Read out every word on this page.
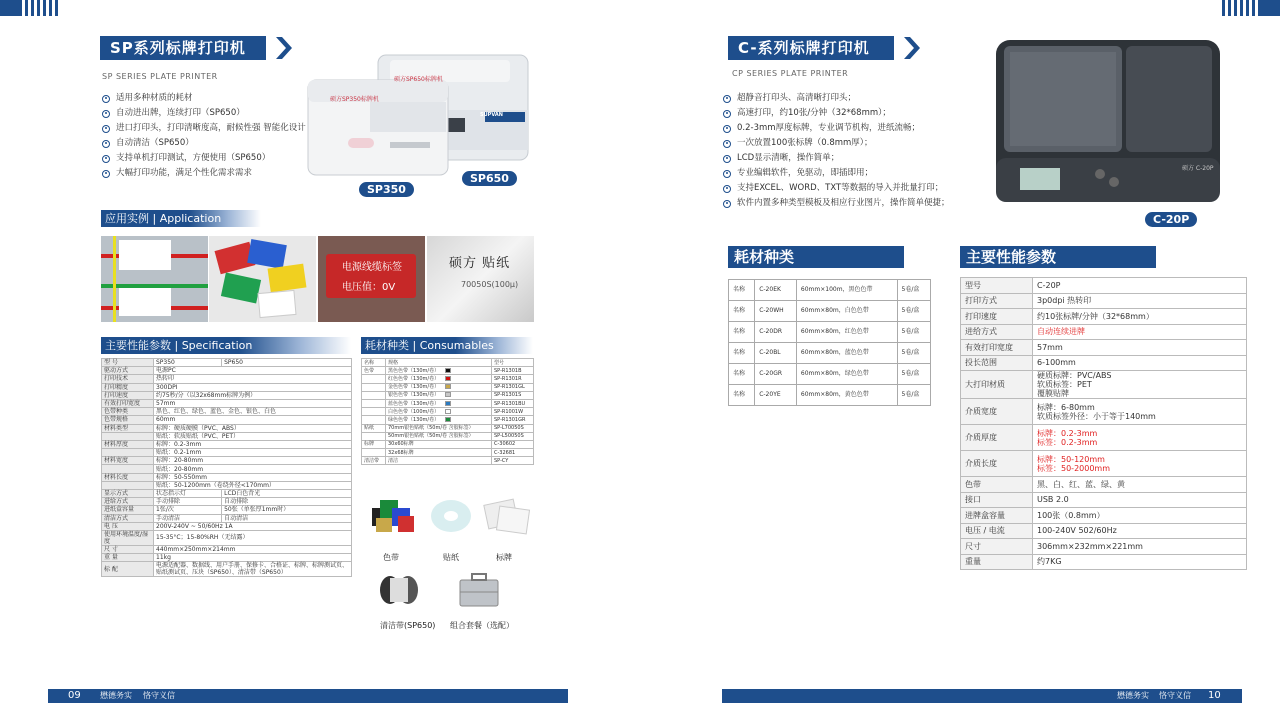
SP系列标牌打印机
SP SERIES PLATE PRINTER
适用多种材质的耗材
自动进出牌，连续打印（SP650）
进口打印头，打印清晰度高，耐候性强 智能化设计
自动清洁（SP650）
支持单机打印测试，方便使用（SP650）
大幅打印功能，满足个性化需求需求
硕方SP350标牌机
硕方SP650标牌机
SUPVAN
SP350
SP650
应用实例 | Application
电源线缆标签
电压值：0V
硕方 贴纸
70050S(100μ)
主要性能参数 | Specification
型 号	SP350	SP650
驱动方式	电源PC	
打印技术	热转印	
打印精度	300DPI	
打印速度	约75秒/分（以32x68mm标牌为例）	
有效打印宽度	57mm	
色带种类	黑色、红色、绿色、蓝色、金色、银色、白色	
色带规格	60mm	
材料类型	标牌：硬质硬膜（PVC、ABS）	
	贴纸：软质贴纸（PVC、PET）	
材料厚度	标牌：0.2-3mm	
	贴纸：0.2-1mm	
材料宽度	标牌：20-80mm	
	贴纸：20-80mm	
材料长度	标牌：50-550mm	
	贴纸：50-1200mm（卷绕外径<170mm）	
显示方式	状态指示灯	LCD白色背光
进给方式	手动排除	自动排除
进纸盒容量	1张/次	50张（单张厚1mm时）
清洁方式	手动清洁	自动清洁
电 压	200V-240V ~ 50/60Hz 1A	
使用环境温度/湿度	15-35°C；15-80%RH（无结露）	
尺 寸	440mm×250mm×214mm	
重 量	11kg	
标 配	电源适配器、数据线、用户手册、保修卡、合格证、标牌、标牌测试页、贴纸测试页、压块（SP650）、清洁带（SP650）	
耗材种类 | Consumables
名称	规格	型号
色带	黑色色带（130m/卷）	SP-R1301B
	红色色带（130m/卷）	SP-R1301R
	金色色带（130m/卷）	SP-R1301GL
	银色色带（130m/卷）	SP-R1301S
	蓝色色带（130m/卷）	SP-R1301BU
	白色色带（100m/卷）	SP-R1001W
	绿色色带（130m/卷）	SP-R1301GR
贴纸	70mm银色贴纸（50m/卷 含胶标签）	SP-L70050S
	50mm银色贴纸（50m/卷 含胶标签）	SP-L50050S
标牌	30x60标牌	C-30602
	32x68标牌	C-32681
清洁带	清洁	SP-CY
色带	贴纸	标牌
清洁带(SP650) 组合套餐（选配）
09 懋德务实 恪守义信
C-系列标牌打印机
CP SERIES PLATE PRINTER
超静音打印头、高清晰打印头；
高速打印，约10张/分钟（32*68mm）；
0.2-3mm厚度标牌，专业调节机构，进纸流畅；
一次放置100张标牌（0.8mm厚）；
LCD显示清晰，操作简单；
专业编辑软件，免驱动，即插即用；
支持EXCEL、WORD、TXT等数据的导入并批量打印；
软件内置多种类型模板及相应行业图片，操作简单便捷；
硕方 C-20P
C-20P
耗材种类
名称	C-20EK	60mm×100m，黑色色带	5卷/盒
名称	C-20WH	60mm×80m，白色色带	5卷/盒
名称	C-20DR	60mm×80m，红色色带	5卷/盒
名称	C-20BL	60mm×80m，蓝色色带	5卷/盒
名称	C-20GR	60mm×80m，绿色色带	5卷/盒
名称	C-20YE	60mm×80m，黄色色带	5卷/盒
主要性能参数
型号	C-20P

打印方式	3p0dpi 热转印

打印速度	约10张标牌/分钟（32*68mm）

进给方式	自动连续进牌

有效打印宽度	57mm

投长范围	6-100mm

大打印材质	硬质标牌：PVC/ABS
软质标签：PET
覆膜贴牌

介质宽度	标牌：6-80mm
软质标签外径：小于等于140mm

介质厚度	标牌：0.2-3mm
标签：0.2-3mm

介质长度	标牌：50-120mm
标签：50-2000mm

色带	黑、白、红、蓝、绿、黄

接口	USB 2.0

进牌盒容量	100张（0.8mm）

电压 / 电流	100-240V 502/60Hz

尺寸	306mm×232mm×221mm

重量	约7KG
懋德务实 恪守义信 10
